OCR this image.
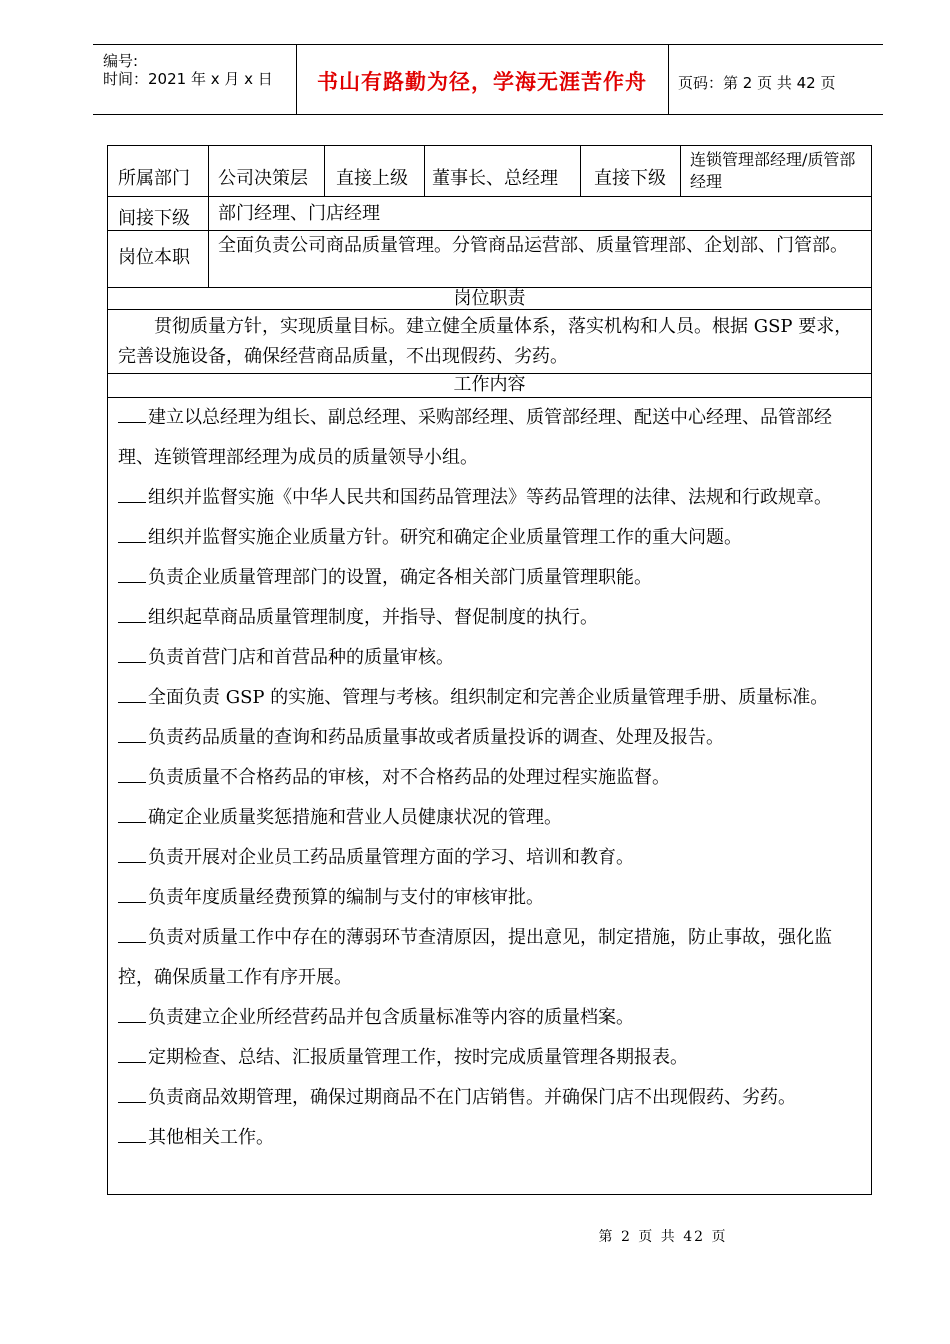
编号:
时间：2021 年 x 月 x 日	书山有路勤为径，学海无涯苦作舟	页码：第 2 页 共 42 页
所属部门 公司决策层 直接上级 董事长、总经理 直接下级
连锁管理部经理/质管部经理
间接下级 部门经理、门店经理
岗位本职
全面负责公司商品质量管理。分管商品运营部、质量管理部、企划部、门管部。
岗位职责
贯彻质量方针，实现质量目标。建立健全质量体系，落实机构和人员。根据 GSP 要求，完善设施设备，确保经营商品质量，不出现假药、劣药。
工作内容

建立以总经理为组长、副总经理、采购部经理、质管部经理、配送中心经理、品管部经理、连锁管理部经理为成员的质量领导小组。

组织并监督实施《中华人民共和国药品管理法》等药品管理的法律、法规和行政规章。

组织并监督实施企业质量方针。研究和确定企业质量管理工作的重大问题。

负责企业质量管理部门的设置，确定各相关部门质量管理职能。

组织起草商品质量管理制度，并指导、督促制度的执行。

负责首营门店和首营品种的质量审核。

全面负责 GSP 的实施、管理与考核。组织制定和完善企业质量管理手册、质量标准。

负责药品质量的查询和药品质量事故或者质量投诉的调查、处理及报告。

负责质量不合格药品的审核，对不合格药品的处理过程实施监督。

确定企业质量奖惩措施和营业人员健康状况的管理。

负责开展对企业员工药品质量管理方面的学习、培训和教育。

负责年度质量经费预算的编制与支付的审核审批。

负责对质量工作中存在的薄弱环节查清原因，提出意见，制定措施，防止事故，强化监控，确保质量工作有序开展。

负责建立企业所经营药品并包含质量标准等内容的质量档案。

定期检查、总结、汇报质量管理工作，按时完成质量管理各期报表。

负责商品效期管理，确保过期商品不在门店销售。并确保门店不出现假药、劣药。

其他相关工作。

第 2 页 共 42 页
